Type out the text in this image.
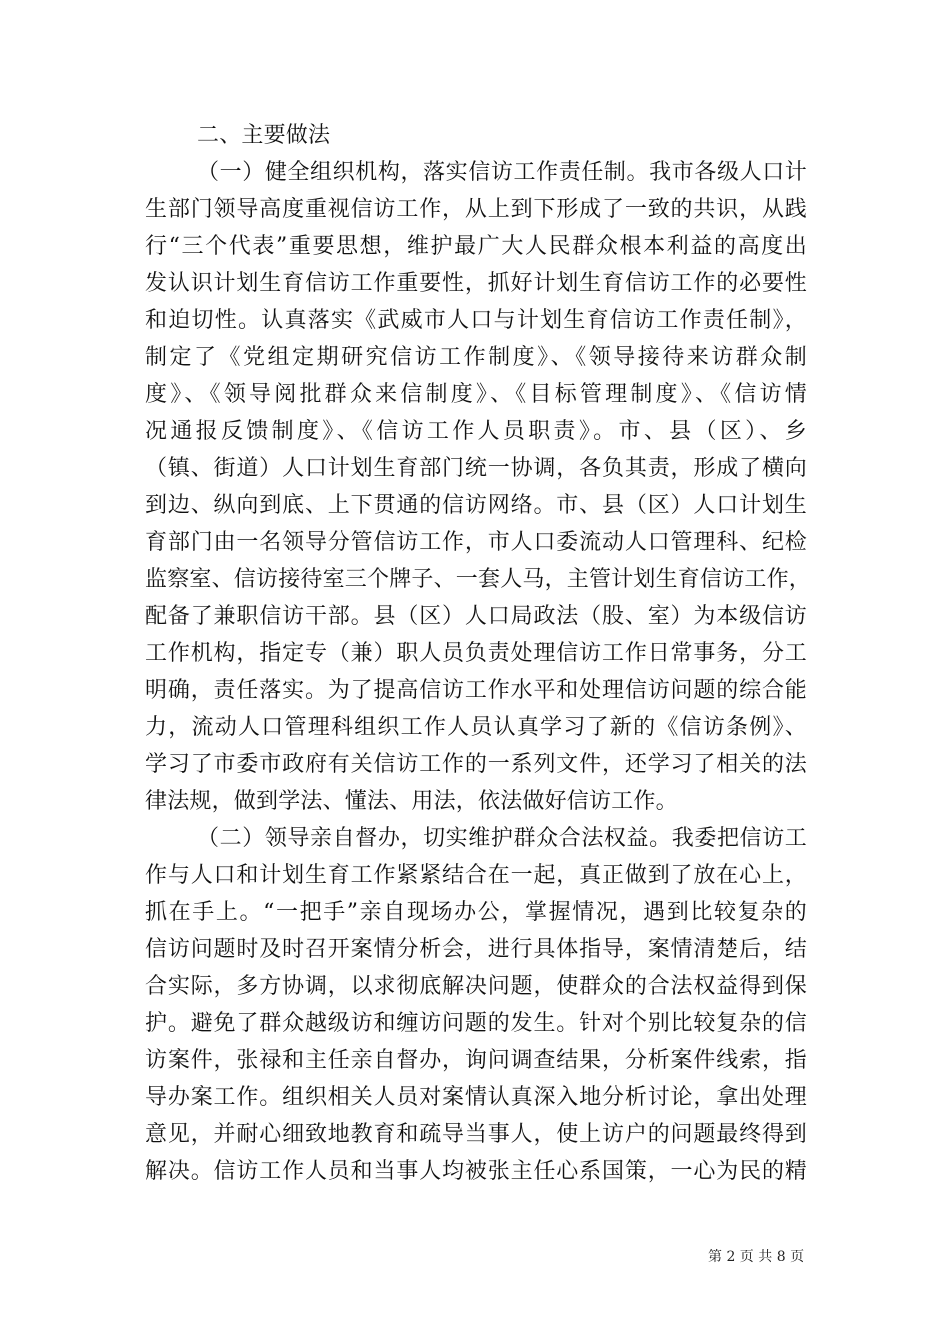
二、主要做法
（一）健全组织机构，落实信访工作责任制。我市各级人口计
生部门领导高度重视信访工作，从上到下形成了一致的共识，从践
行“三个代表”重要思想，维护最广大人民群众根本利益的高度出
发认识计划生育信访工作重要性，抓好计划生育信访工作的必要性
和迫切性。认真落实《武威市人口与计划生育信访工作责任制》，
制定了《党组定期研究信访工作制度》、《领导接待来访群众制
度》、《领导阅批群众来信制度》、《目标管理制度》、《信访情
况通报反馈制度》、《信访工作人员职责》。市、县（区）、乡
（镇、街道）人口计划生育部门统一协调，各负其责，形成了横向
到边、纵向到底、上下贯通的信访网络。市、县（区）人口计划生
育部门由一名领导分管信访工作，市人口委流动人口管理科、纪检
监察室、信访接待室三个牌子、一套人马，主管计划生育信访工作，
配备了兼职信访干部。县（区）人口局政法（股、室）为本级信访
工作机构，指定专（兼）职人员负责处理信访工作日常事务，分工
明确，责任落实。为了提高信访工作水平和处理信访问题的综合能
力，流动人口管理科组织工作人员认真学习了新的《信访条例》、
学习了市委市政府有关信访工作的一系列文件，还学习了相关的法
律法规，做到学法、懂法、用法，依法做好信访工作。
（二）领导亲自督办，切实维护群众合法权益。我委把信访工
作与人口和计划生育工作紧紧结合在一起，真正做到了放在心上，
抓在手上。“一把手”亲自现场办公，掌握情况，遇到比较复杂的
信访问题时及时召开案情分析会，进行具体指导，案情清楚后，结
合实际，多方协调，以求彻底解决问题，使群众的合法权益得到保
护。避免了群众越级访和缠访问题的发生。针对个别比较复杂的信
访案件，张禄和主任亲自督办，询问调查结果，分析案件线索，指
导办案工作。组织相关人员对案情认真深入地分析讨论，拿出处理
意见，并耐心细致地教育和疏导当事人，使上访户的问题最终得到
解决。信访工作人员和当事人均被张主任心系国策，一心为民的精
第 2 页 共 8 页
